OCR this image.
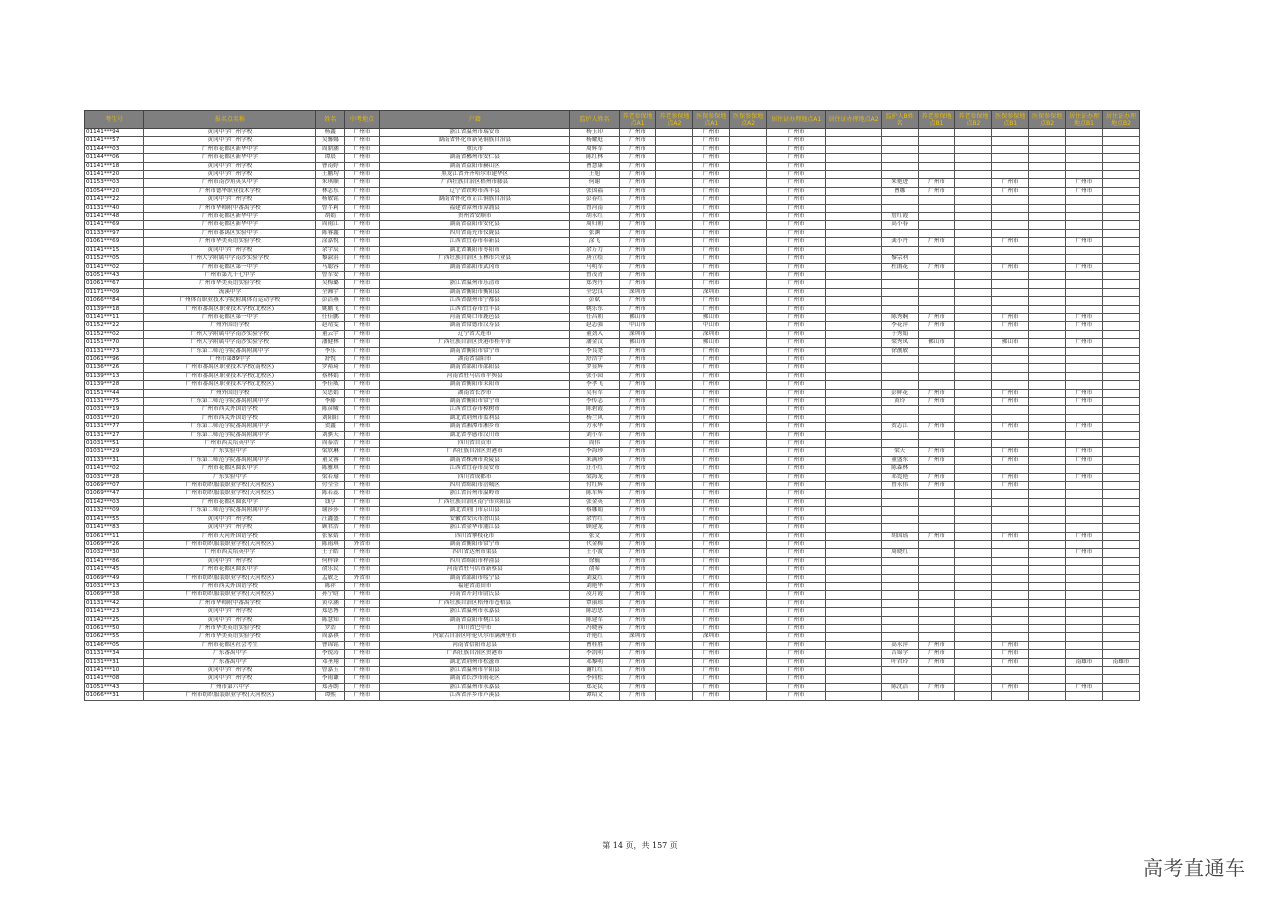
考生号	报名点名称	姓名	中考地点	户籍	监护人姓名	养老参保地点A1	养老参保地点A2	医保参保地点A1	医保参保地点A2	居住证办理地点A1	居住证办理地点A2	监护人B姓名	养老参保地点B1	养老参保地点B2	医保参保地点B1	医保参保地点B2	居住证办理地点B1	居住证办理地点B2
01141***94	黄冈中学广州学校	杨鑫	广州市	浙江省温州市瑞安市	杨玉印	广州市		广州市		广州市								
01141***57	黄冈中学广州学校	吴馨娜	广州市	湖南省怀化市新晃侗族自治县	杨耀庭	广州市		广州市		广州市								
01144***03	广州市花都区新华中学	周鼎涵	广州市	重庆市	周辉军	广州市		广州市		广州市								
01144***06	广州市花都区新华中学	谭晨	广州市	湖南省郴州市安仁县	陈红林	广州市		广州市		广州市								
01141***18	黄冈中学广州学校	曹南婷	广州市	湖南省益阳市赫山区	曹慧康	广州市		广州市		广州市								
01141***20	黄冈中学广州学校	王鹏均	广州市	黑龙江省齐齐哈尔市建华区	王旭	广州市		广州市		广州市								
01153***03	广州市南沙角英头中学	朱琪顺	广州市	广西壮族自治区梧州市藤县	何谢	广州市		广州市		广州市		朱艳进	广州市		广州市		广州市	
01054***20	广州市德华职业技术学校	林志东	广州市	辽宁省铁岭市西丰县	张国福	广州市		广州市		广州市		曹娜	广州市		广州市		广州市	
01141***22	黄冈中学广州学校	杨敏铭	广州市	湖南省怀化市芷江侗族自治县	彭春红	广州市		广州市		广州市								
01131***40	广州市华师附中番禺学校	曾芊莉	广州市	福建省漳州市漳浦县	曾河南	广州市		广州市		广州市								
01141***48	广州市花都区新华中学	胡娟	广州市	贵州省安顺市	胡永红	广州市		广州市		广州市		詹红霞						
01141***69	广州市花都区新华中学	周雨江	广州市	湖南省益阳市安化县	周归朝	广州市		广州市		广州市		高小春						
01133***97	广州市番禺区实验中学	陈睿鑫	广州市	四川省南充市仪陇县	张渊	广州市		广州市		广州市								
01061***69	广州市华美英语实验学校	涂嘉悦	广州市	江西省宜春市奉新县	涂飞	广州市		广州市		广州市		龚小丹	广州市		广州市		广州市	
01141***15	黄冈中学广州学校	余宇辰	广州市	湖北省襄阳市枣阳市	余万力	广州市		广州市		广州市								
01152***05	广州大学附属中学南沙实验学校	黎淑涓	广州市	广西壮族自治区玉林市兴业县	唐立绘	广州市		广州市		广州市		黎宗利						
01141***02	广州市花都区第一中学	马聪容	广州市	湖南省邵阳市武冈市	马明军	广州市		广州市		广州市		杜鹃花	广州市		广州市		广州市	
01051***43	广州市第九十七中学	曾军安	广州市		曾茂青	广州市		广州市		广州市								
01061***67	广州市华美英语实验学校	吴梅璐	广州市	浙江省温州市乐清市	郑秀丹	广州市		广州市		广州市								
01171***09	流溪中学	全湘宇	广州市	湖南省衡阳市衡阳县	全忠良	深圳市		深圳市		广州市								
01066***84	广州体育职业技术学院附属体育运动学校	彭洁燕	广州市	江西省赣州市宁都县	彭斌	广州市		广州市		广州市								
01139***18	广州市番禺区职业技术学校(北校区)	姚鹏飞	广州市	江西省宜春市宜丰县	姚乐东	广州市		广州市		广州市								
01141***11	广州市花都区第一中学	任佳鹏	广州市	河南省周口市鹿邑县	任昌朝	佛山市		佛山市		广州市		陈秀娴	广州市		广州市		广州市	
01152***22	广州外国语学校	赵靖雯	广州市	湖南省常德市汉寿县	赵志强	中山市		中山市		广州市		李花萍	广州市		广州市		广州市	
01152***02	广州大学附属中学南沙实验学校	董云宇	广州市	辽宁省大连市	董劲入	深圳市		深圳市		广州市		于秀娟						
01151***70	广州大学附属中学南沙实验学校	潘健林	广州市	广西壮族自治区贵港市桂平市	潘金汉	佛山市		佛山市		广州市		梁秀凤	佛山市		佛山市		广州市	
01131***73	广东第二师范学院番禺附属中学	李乐	广州市	湖南省衡阳市常宁市	李良尧	广州市		广州市		广州市		徐靓敏						
01061***96	广州市第89中学	舒悦	广州市	湖南省益阳市	舒浩宇	广州市		广州市		广州市								
01136***26	广州市番禺区职业技术学校(南校区)	罗裕琦	广州市	湖南省邵阳市邵阳县	罗显辉	广州市		广州市		广州市								
01139***13	广州市番禺区职业技术学校(北校区)	蔡林娟	广州市	河南省驻马店市平舆县	张小园	广州市		广州市		广州市								
01139***28	广州市番禺区职业技术学校(北校区)	李佳威	广州市	湖南省衡阳市耒阳市	李孝飞	广州市		广州市		广州市								
01151***44	广州外国语学校	吴思娟	广州市	湖南省长沙市	吴有军	广州市		广州市		广州市		彭鲜花	广州市		广州市		广州市	
01131***75	广东第二师范学院番禺附属中学	李藤	广州市	湖南省衡阳市常宁市	李传志	广州市		广州市		广州市		黄玲	广州市		广州市		广州市	
01031***19	广州市西关外国语学校	陈彦曦	广州市	江西省宜春市樟树市	陈碧霞	广州市		广州市		广州市								
01031***20	广州市西关外国语学校	刘阳阳	广州市	湖北省荆州市监利县	杨兰风	广州市		广州市		广州市								
01131***77	广东第二师范学院番禺附属中学	贺鑫	广州市	湖南省湘潭市湘乡市	方永华	广州市		广州市		广州市		贺志江	广州市		广州市		广州市	
01131***27	广东第二师范学院番禺附属中学	刘骐天	广州市	湖北省孝感市汉川市	刘小军	广州市		广州市		广州市								
01031***51	广州市西关培英中学	周泰浩	广州市	四川省自贡市	周伟	广州市		广州市		广州市								
01031***29	广东实验中学	梁欣琳	广州市	广西壮族自治区贵港市	李海珍	广州市		广州市		广州市		梁天	广州市		广州市		广州市	
01133***31	广东第二师范学院番禺附属中学	董文睿	广州市	湖南省株洲市炎陵县	米满珍	广州市		广州市		广州市		董盛东	广州市		广州市		广州市	
01141***02	广州市花都区圆玄中学	陈雅琪	广州市	江西省宜春市高安市	汪小红	广州市		广州市		广州市		陈森林						
01031***28	广东实验中学	梁若瑜	广州市	四川省成都市	梁海龙	广州市		广州市		广州市		邓霓艳	广州市		广州市		广州市	
01069***07	广州市纺织服装职业学校(天河校区)	付莹莹	广州市	四川省绵阳市涪城区	付红辉	广州市		广州市		广州市		曾永伟	广州市		广州市			
01069***47	广州市纺织服装职业学校(天河校区)	陈若蕊	广州市	浙江省台州市温岭市	陈军辉	广州市		广州市		广州市								
01142***03	广州市花都区圆玄中学	钱亨	广州市	广西壮族自治区南宁市宾阳县	张金英	广州市		广州市		广州市								
01132***09	广东第二师范学院番禺附属中学	谢莎莎	广州市	湖北省荆门市京山县	蔡娜娟	广州市		广州市		广州市								
01141***55	黄冈中学广州学校	汪鑫盛	广州市	安徽省安庆市潜山县	余竹红	广州市		广州市		广州市								
01141***83	黄冈中学广州学校	顾君浩	广州市	浙江省金华市浦江县	顾建龙	广州市		广州市		广州市								
01061***11	广州市天河外国语学校	张家婧	广州市	四川省攀枝花市	张文	广州市		广州市		广州市		胡国瑶	广州市		广州市		广州市	
01069***26	广州市纺织服装职业学校(天河校区)	陈雨琪	外省市	湖南省衡阳市常宁市	代金梅	广州市		广州市		广州市								
01032***30	广州市西关培英中学	王子皓	广州市	四川省达州市渠县	王小波	广州市		广州市		广州市		周晓红					广州市	
01141***86	黄冈中学广州学校	何梓锋	广州市	四川省绵阳市梓潼县	徐毓	广州市		广州市		广州市								
01141***45	广州市花都区圆玄中学	俞乐民	广州市	河南省驻马店市新蔡县	俞希	广州市		广州市		广州市								
01069***49	广州市纺织服装职业学校(天河校区)	孟敏芝	外省市	湖南省邵阳市绥宁县	刘夏红	广州市		广州市		广州市								
01031***13	广州市西关外国语学校	陈祥	广州市	福建省莆田市	刘艳华	广州市		广州市		广州市								
01069***38	广州市纺织服装职业学校(天河校区)	孙宁晗	广州市	河南省开封市尉氏县	凌月霞	广州市		广州市		广州市								
01131***42	广州市华师附中番禺学校	黄卓涵	广州市	广西壮族自治区梧州市苍梧县	覃丽琼	广州市		广州市		广州市								
01141***23	黄冈中学广州学校	郑思博	广州市	浙江省温州市永嘉县	陈思思	广州市		广州市		广州市								
01142***25	黄冈中学广州学校	陈慧知	广州市	湖南省益阳市桃江县	陈建军	广州市		广州市		广州市								
01061***50	广州市华美英语实验学校	罗浩	广州市	四川省巴中市	冯晓蓉	广州市		广州市		广州市								
01062***55	广州市华美英语实验学校	周嘉祺	广州市	内蒙古自治区呼伦贝尔市满洲里市	许艳红	深圳市		深圳市		广州市								
01146***05	广州市花都区社会考生	曹锦铭	广州市	河南省信阳市息县	曹桂胜	广州市		广州市		广州市		高永萍	广州市		广州市			
01131***34	广东番禺中学	李锐涛	广州市	广西壮族自治区贵港市	李凯明	广州市		广州市		广州市		吉锦学	广州市		广州市			
01131***31	广东番禺中学	邓圣翔	广州市	湖北省荆州市松滋市	邓黎明	广州市		广州市		广州市		叶君玲	广州市		广州市		南雄市	南雄市
01141***10	黄冈中学广州学校	曾嘉玉	广州市	浙江省温州市平阳县	谢红红	广州市		广州市		广州市								
01141***08	黄冈中学广州学校	李雨谦	广州市	湖南省长沙市雨花区	李同松	广州市		广州市		广州市								
01051***43	广州市第六中学	郑善朗	广州市	浙江省温州市永嘉县	郑足民	广州市		广州市		广州市		陈沈洁	广州市		广州市		广州市	
01066***31	广州市纺织服装职业学校(天河校区)	谭熙	广州市	江西省萍乡市芦溪县	谭绍文	广州市		广州市		广州市								
第 14 页，共 157 页
高考直通车
